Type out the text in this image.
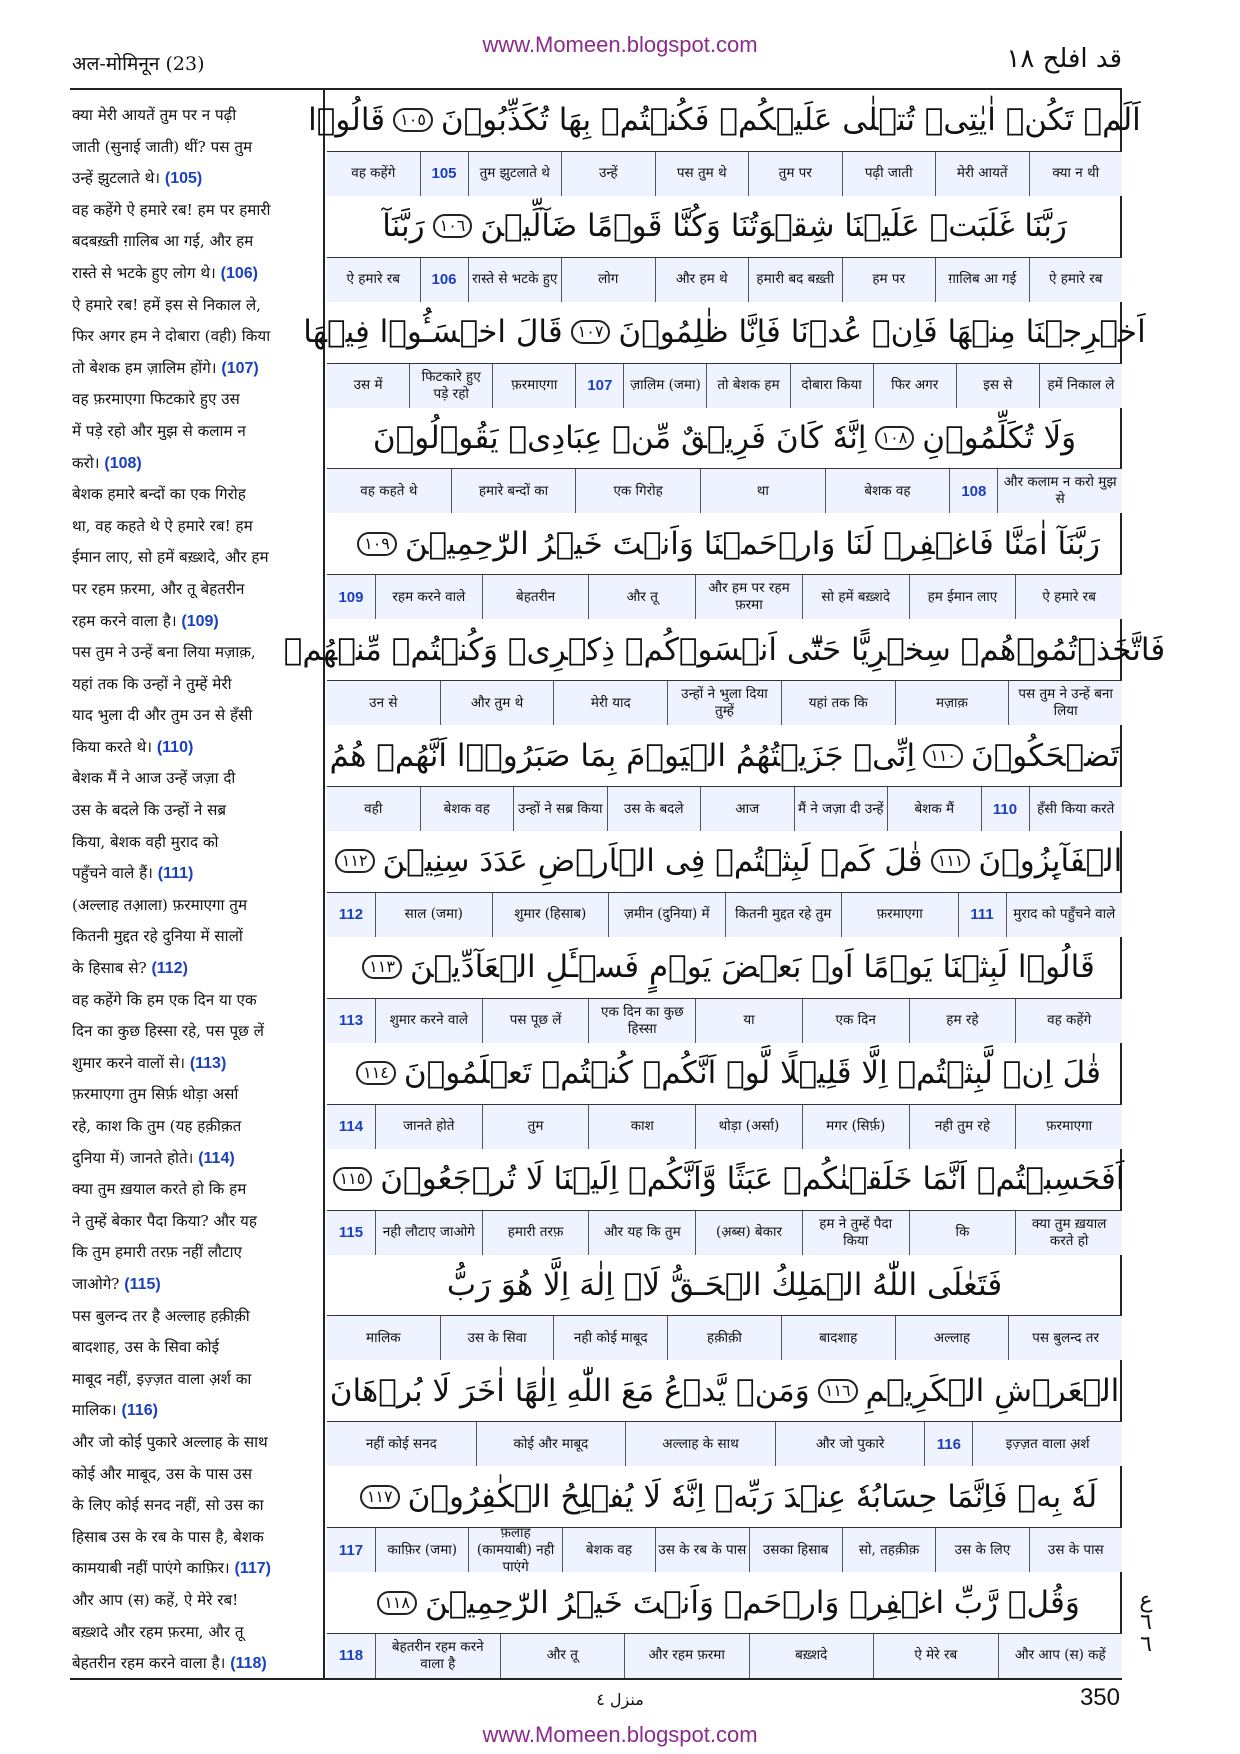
www.Momeen.blogspot.com
अल-मोमिनून (23)	قد افلح ١٨
क्या मेरी आयतें तुम पर न पढ़ी
जाती (सुनाई जाती) थीं? पस तुम
उन्हें झुटलाते थे। (105)
वह कहेंगे ऐ हमारे रब! हम पर हमारी
बदबख़्ती ग़ालिब आ गई, और हम
रास्ते से भटके हुए लोग थे। (106)
ऐ हमारे रब! हमें इस से निकाल ले,
फिर अगर हम ने दोबारा (वही) किया
तो बेशक हम ज़ालिम होंगे। (107)
वह फ़रमाएगा फिटकारे हुए उस
में पड़े रहो और मुझ से कलाम न
करो। (108)
बेशक हमारे बन्दों का एक गिरोह
था, वह कहते थे ऐ हमारे रब! हम
ईमान लाए, सो हमें बख़्शदे, और हम
पर रहम फ़रमा, और तू बेहतरीन
रहम करने वाला है। (109)
पस तुम ने उन्हें बना लिया मज़ाक़,
यहां तक कि उन्हों ने तुम्हें मेरी
याद भुला दी और तुम उन से हँसी
किया करते थे। (110)
बेशक मैं ने आज उन्हें जज़ा दी
उस के बदले कि उन्हों ने सब्र
किया, बेशक वही मुराद को
पहुँचने वाले हैं। (111)
(अल्लाह तआ़ला) फ़रमाएगा तुम
कितनी मुद्दत रहे दुनिया में सालों
के हिसाब से? (112)
वह कहेंगे कि हम एक दिन या एक
दिन का कुछ हिस्सा रहे, पस पूछ लें
शुमार करने वालों से। (113)
फ़रमाएगा तुम सिर्फ़ थोड़ा अर्सा
रहे, काश कि तुम (यह हक़ीक़त
दुनिया में) जानते होते। (114)
क्या तुम ख़याल करते हो कि हम
ने तुम्हें बेकार पैदा किया? और यह
कि तुम हमारी तरफ़ नहीं लौटाए
जाओगे? (115)
पस बुलन्द तर है अल्लाह हक़ीक़ी
बादशाह, उस के सिवा कोई
माबूद नहीं, इज़्ज़त वाला अ़र्श का
मालिक। (116)
और जो कोई पुकारे अल्लाह के साथ
कोई और माबूद, उस के पास उस
के लिए कोई सनद नहीं, सो उस का
हिसाब उस के रब के पास है, बेशक
कामयाबी नहीं पाएंगे काफ़िर। (117)
और आप (स) कहें, ऐ मेरे रब!
बख़्शदे और रहम फ़रमा, और तू
बेहतरीन रहम करने वाला है। (118)
اَلَمۡ تَكُنۡ اٰيٰتِىۡ تُتۡلٰى عَلَيۡكُمۡ فَكُنۡتُمۡ بِهَا تُكَذِّبُوۡنَ
١٠٥
قَالُوۡا
क्या न थी
मेरी आयतें
पढ़ी जाती
तुम पर
पस तुम थे
उन्हें
तुम झुटलाते थे
105
वह कहेंगे
رَبَّنَا غَلَبَتۡ عَلَيۡنَا شِقۡوَتُنَا وَكُنَّا قَوۡمًا ضَآلِّيۡنَ
١٠٦
رَبَّنَآ
ऐ हमारे रब
ग़ालिब आ गई
हम पर
हमारी बद बख़्ती
और हम थे
लोग
रास्ते से भटके हुए
106
ऐ हमारे रब
اَخۡرِجۡنَا مِنۡهَا فَاِنۡ عُدۡنَا فَاِنَّا ظٰلِمُوۡنَ
١٠٧
قَالَ اخۡسَـُٔوۡا فِيۡهَا
हमें निकाल ले
इस से
फिर अगर
दोबारा किया
तो बेशक हम
ज़ालिम (जमा)
107
फ़रमाएगा
फिटकारे हुए पड़े रहो
उस में
وَلَا تُكَلِّمُوۡنِ
١٠٨
اِنَّهٗ كَانَ فَرِيۡقٌ مِّنۡ عِبَادِىۡ يَقُوۡلُوۡنَ
और कलाम न करो मुझ से
108
बेशक वह
था
एक गिरोह
हमारे बन्दों का
वह कहते थे
رَبَّنَآ اٰمَنَّا فَاغۡفِرۡ لَنَا وَارۡحَمۡنَا وَاَنۡتَ خَيۡرُ الرّٰحِمِيۡنَ
١٠٩
ऐ हमारे रब
हम ईमान लाए
सो हमें बख़्शदे
और हम पर रहम फ़रमा
और तू
बेहतरीन
रहम करने वाले
109
فَاتَّخَذۡتُمُوۡهُمۡ سِخۡرِيًّا حَتّٰٓى اَنۡسَوۡكُمۡ ذِكۡرِىۡ وَكُنۡتُمۡ مِّنۡهُمۡ
पस तुम ने उन्हें बना लिया
मज़ाक़
यहां तक कि
उन्हों ने भुला दिया तुम्हें
मेरी याद
और तुम थे
उन से
تَضۡحَكُوۡنَ
١١٠
اِنِّىۡ جَزَيۡتُهُمُ الۡيَوۡمَ بِمَا صَبَرُوۡۤا اَنَّهُمۡ هُمُ
हँसी किया करते
110
बेशक मैं
मैं ने जज़ा दी उन्हें
आज
उस के बदले
उन्हों ने सब्र किया
बेशक वह
वही
الۡفَآٮِٕزُوۡنَ
١١١
قٰلَ كَمۡ لَبِثۡتُمۡ فِى الۡاَرۡضِ عَدَدَ سِنِيۡنَ
١١٢
मुराद को पहुँचने वाले
111
फ़रमाएगा
कितनी मुद्दत रहे तुम
ज़मीन (दुनिया) में
शुमार (हिसाब)
साल (जमा)
112
قَالُوۡا لَبِثۡنَا يَوۡمًا اَوۡ بَعۡضَ يَوۡمٍ فَسۡـَٔلِ الۡعَآدِّيۡنَ
١١٣
वह कहेंगे
हम रहे
एक दिन
या
एक दिन का कुछ हिस्सा
पस पूछ लें
शुमार करने वाले
113
قٰلَ اِنۡ لَّبِثۡتُمۡ اِلَّا قَلِيۡلًا لَّوۡ اَنَّكُمۡ كُنۡتُمۡ تَعۡلَمُوۡنَ
١١٤
फ़रमाएगा
नही तुम रहे
मगर (सिर्फ़)
थोड़ा (अर्सा)
काश
तुम
जानते होते
114
اَفَحَسِبۡتُمۡ اَنَّمَا خَلَقۡنٰكُمۡ عَبَثًا وَّاَنَّكُمۡ اِلَيۡنَا لَا تُرۡجَعُوۡنَ
١١٥
क्या तुम ख़याल करते हो
कि
हम ने तुम्हें पैदा किया
(अ़ब्स) बेकार
और यह कि तुम
हमारी तरफ़
नही लौटाए जाओगे
115
فَتَعٰلَى اللّٰهُ الۡمَلِكُ الۡحَـقُّ لَاۤ اِلٰهَ اِلَّا هُوَ رَبُّ
पस बुलन्द तर
अल्लाह
बादशाह
हक़ीक़ी
नही कोई माबूद
उस के सिवा
मालिक
الۡعَرۡشِ الۡكَرِيۡمِ
١١٦
وَمَنۡ يَّدۡعُ مَعَ اللّٰهِ اِلٰهًا اٰخَرَ لَا بُرۡهَانَ
इज़्ज़त वाला अ़र्श
116
और जो पुकारे
अल्लाह के साथ
कोई और माबूद
नहीं कोई सनद
لَهٗ بِهٖ فَاِنَّمَا حِسَابُهٗ عِنۡدَ رَبِّهٖ اِنَّهٗ لَا يُفۡلِحُ الۡكٰفِرُوۡنَ
١١٧
उस के पास
उस के लिए
सो, तहक़ीक़
उसका हिसाब
उस के रब के पास
बेशक वह
फ़लाह (कामयाबी) नही पाएंगे
काफ़िर (जमा)
117
وَقُلۡ رَّبِّ اغۡفِرۡ وَارۡحَمۡ وَاَنۡتَ خَيۡرُ الرّٰحِمِيۡنَ
١١٨
और आप (स) कहें
ऐ मेरे रब
बख़्शदे
और रहम फ़रमा
और तू
बेहतरीन रहम करने वाला है
118
ع ٦ ٦
منزل ٤	350
www.Momeen.blogspot.com
